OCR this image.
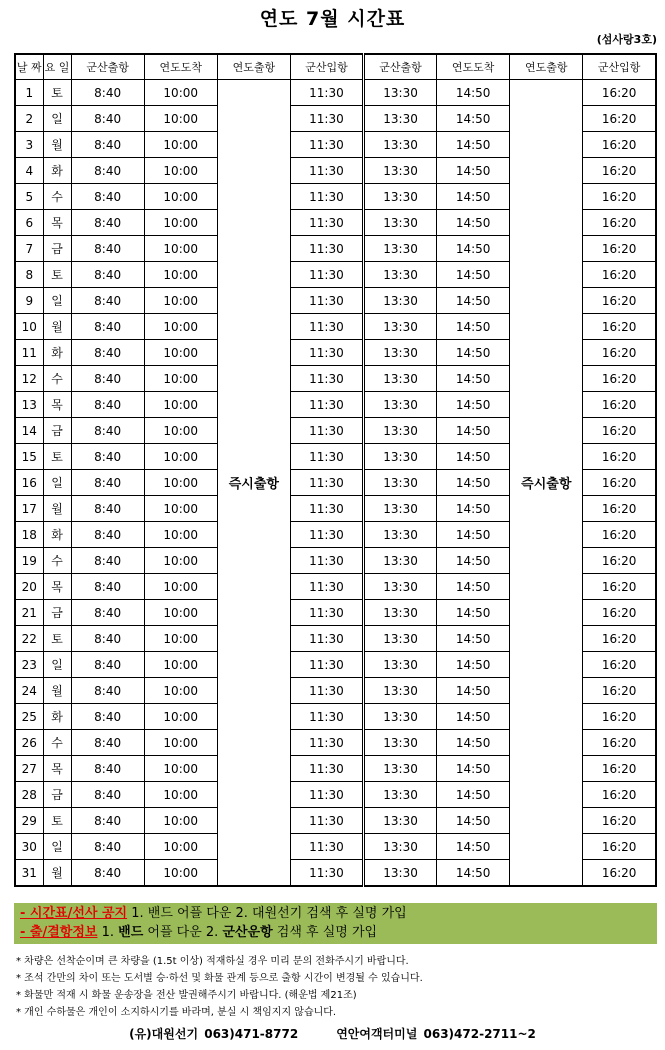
연도 7월 시간표
(섬사랑3호)
날 짜	요 일	군산출항	연도도착	연도출항	군산입항	군산출항	연도도착	연도출항	군산입항
1	토	8:40	10:00	즉시출항	11:30	13:30	14:50	즉시출항	16:20
2	일	8:40	10:00		11:30	13:30	14:50		16:20
3	월	8:40	10:00		11:30	13:30	14:50		16:20
4	화	8:40	10:00		11:30	13:30	14:50		16:20
5	수	8:40	10:00		11:30	13:30	14:50		16:20
6	목	8:40	10:00		11:30	13:30	14:50		16:20
7	금	8:40	10:00		11:30	13:30	14:50		16:20
8	토	8:40	10:00		11:30	13:30	14:50		16:20
9	일	8:40	10:00		11:30	13:30	14:50		16:20
10	월	8:40	10:00		11:30	13:30	14:50		16:20
11	화	8:40	10:00		11:30	13:30	14:50		16:20
12	수	8:40	10:00		11:30	13:30	14:50		16:20
13	목	8:40	10:00		11:30	13:30	14:50		16:20
14	금	8:40	10:00		11:30	13:30	14:50		16:20
15	토	8:40	10:00		11:30	13:30	14:50		16:20
16	일	8:40	10:00		11:30	13:30	14:50		16:20
17	월	8:40	10:00		11:30	13:30	14:50		16:20
18	화	8:40	10:00		11:30	13:30	14:50		16:20
19	수	8:40	10:00		11:30	13:30	14:50		16:20
20	목	8:40	10:00		11:30	13:30	14:50		16:20
21	금	8:40	10:00		11:30	13:30	14:50		16:20
22	토	8:40	10:00		11:30	13:30	14:50		16:20
23	일	8:40	10:00		11:30	13:30	14:50		16:20
24	월	8:40	10:00		11:30	13:30	14:50		16:20
25	화	8:40	10:00		11:30	13:30	14:50		16:20
26	수	8:40	10:00		11:30	13:30	14:50		16:20
27	목	8:40	10:00		11:30	13:30	14:50		16:20
28	금	8:40	10:00		11:30	13:30	14:50		16:20
29	토	8:40	10:00		11:30	13:30	14:50		16:20
30	일	8:40	10:00		11:30	13:30	14:50		16:20
31	월	8:40	10:00		11:30	13:30	14:50		16:20
- 시간표/선사 공지 1. 밴드 어플 다운 2. 대원선기 검색 후 실명 가입
- 출/결항정보 1. 밴드 어플 다운 2. 군산운항 검색 후 실명 가입
* 차량은 선착순이며 큰 차량을 (1.5t 이상) 적재하실 경우 미리 문의 전화주시기 바랍니다.
* 조석 간만의 차이 또는 도서별 승·하선 및 화물 관계 등으로 출항 시간이 변경될 수 있습니다.
* 화물만 적재 시 화물 운송장을 전산 발권해주시기 바랍니다. (해운법 제21조)
* 개인 수하물은 개인이 소지하시기를 바라며, 분실 시 책임지지 않습니다.
(유)대원선기 063)471-8772	연안여객터미널 063)472-2711~2
